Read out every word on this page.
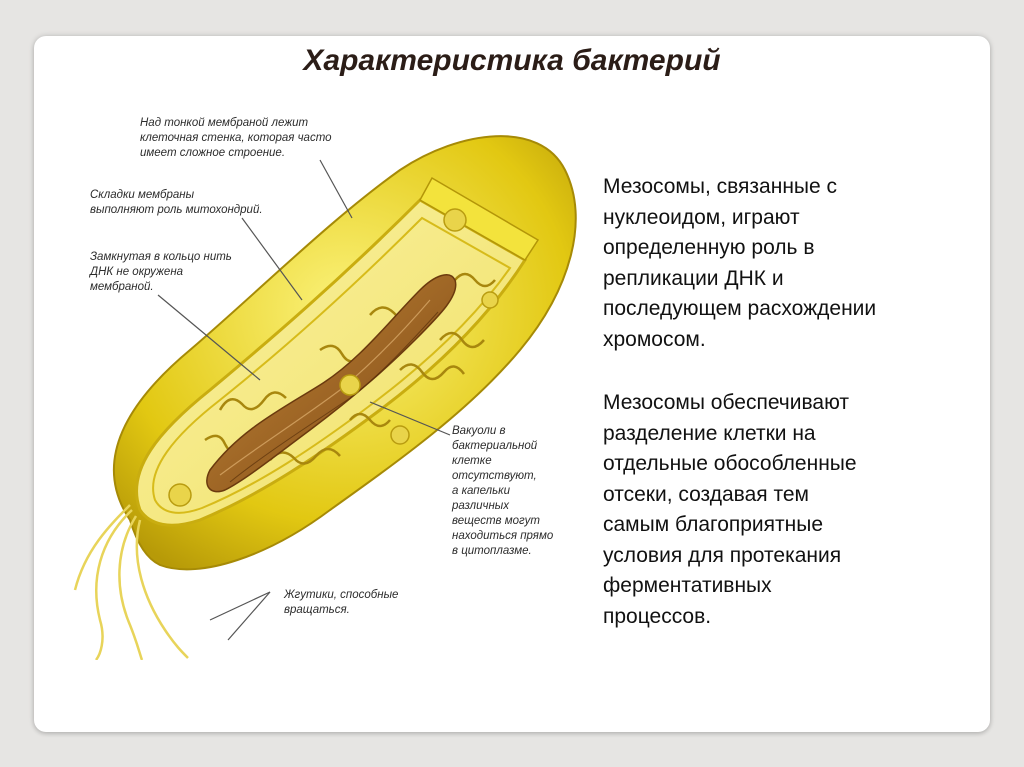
Характеристика бактерий

Над тонкой мембраной лежит
клеточная стенка, которая часто
имеет сложное строение.

Складки мембраны
выполняют роль митохондрий.

Замкнутая в кольцо нить
ДНК не окружена
мембраной.

Вакуоли в
бактериальной
клетке
отсутствуют,
а капельки
различных
веществ могут
находиться прямо
в цитоплазме.

Жгутики, способные
вращаться.

Мезосомы, связанные с
нуклеоидом, играют
определенную роль в
репликации ДНК и
последующем расхождении
хромосом.

Мезосомы обеспечивают
разделение клетки на
отдельные обособленные
отсеки, создавая тем
самым благоприятные
условия для протекания
ферментативных
процессов.
